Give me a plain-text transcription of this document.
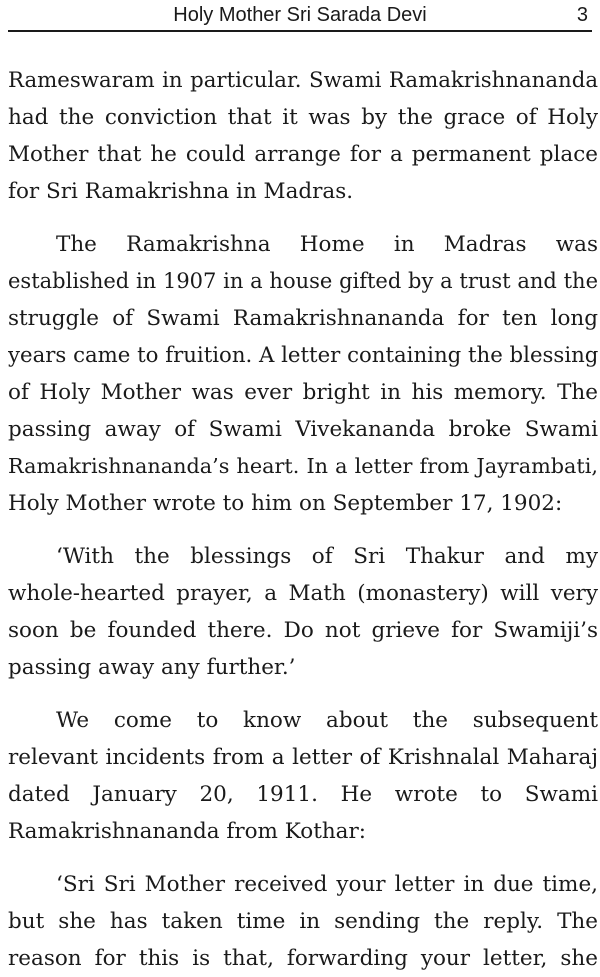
Holy Mother Sri Sarada Devi	3
Rameswaram in particular. Swami Ramakrishnananda
had the conviction that it was by the grace of Holy
Mother that he could arrange for a permanent place
for Sri Ramakrishna in Madras.
The Ramakrishna Home in Madras was
established in 1907 in a house gifted by a trust and the
struggle of Swami Ramakrishnananda for ten long
years came to fruition. A letter containing the blessing
of Holy Mother was ever bright in his memory. The
passing away of Swami Vivekananda broke Swami
Ramakrishnananda’s heart. In a letter from Jayrambati,
Holy Mother wrote to him on September 17, 1902:
‘With the blessings of Sri Thakur and my
whole-hearted prayer, a Math (monastery) will very
soon be founded there. Do not grieve for Swamiji’s
passing away any further.’
We come to know about the subsequent
relevant incidents from a letter of Krishnalal Maharaj
dated January 20, 1911. He wrote to Swami
Ramakrishnananda from Kothar:
‘Sri Sri Mother received your letter in due time,
but she has taken time in sending the reply. The
reason for this is that, forwarding your letter, she
